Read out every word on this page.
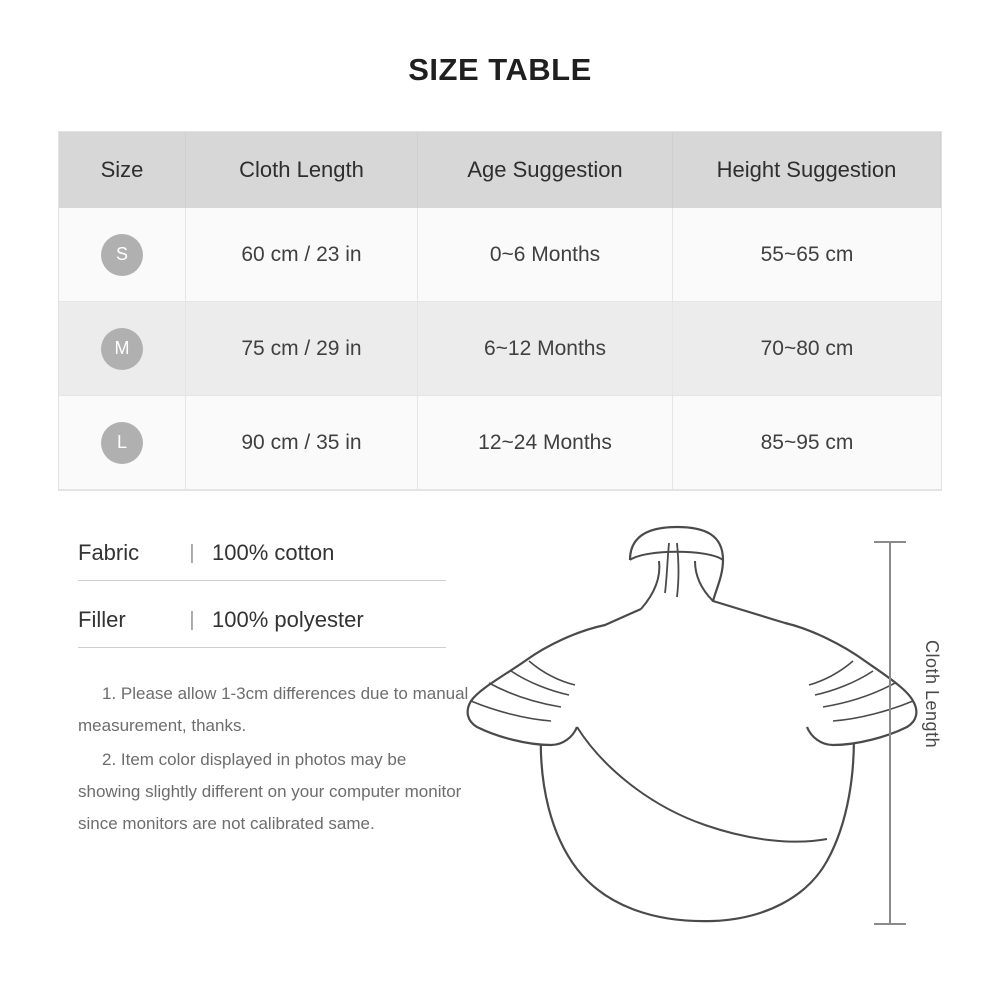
SIZE TABLE
Size	Cloth Length	Age Suggestion	Height Suggestion
S	60 cm / 23 in	0~6 Months	55~65 cm
M	75 cm / 29 in	6~12 Months	70~80 cm
L	90 cm / 35 in	12~24 Months	85~95 cm
Fabric	| 100% cotton
Filler	| 100% polyester

1. Please allow 1-3cm differences due to manual measurement, thanks.

2. Item color displayed in photos may be showing slightly different on your computer monitor since monitors are not calibrated same.

Cloth Length
